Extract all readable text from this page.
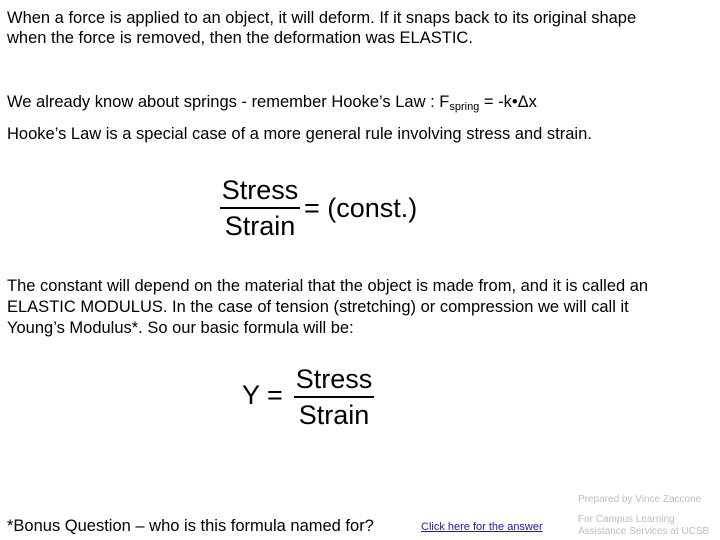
When a force is applied to an object, it will deform. If it snaps back to its original shape
when the force is removed, then the deformation was ELASTIC.
We already know about springs - remember Hooke’s Law : $F_{spring}$ = -k•Δx
Hooke’s Law is a special case of a more general rule involving stress and strain.
Stress
Strain
= (const.)
The constant will depend on the material that the object is made from, and it is called an
ELASTIC MODULUS. In the case of tension (stretching) or compression we will call it
Young’s Modulus*. So our basic formula will be:
Y =
Stress
Strain
Prepared by Vince Zaccone
*Bonus Question – who is this formula named for?	Click here for the answer
For Campus Learning
Assistance Services at UCSB
